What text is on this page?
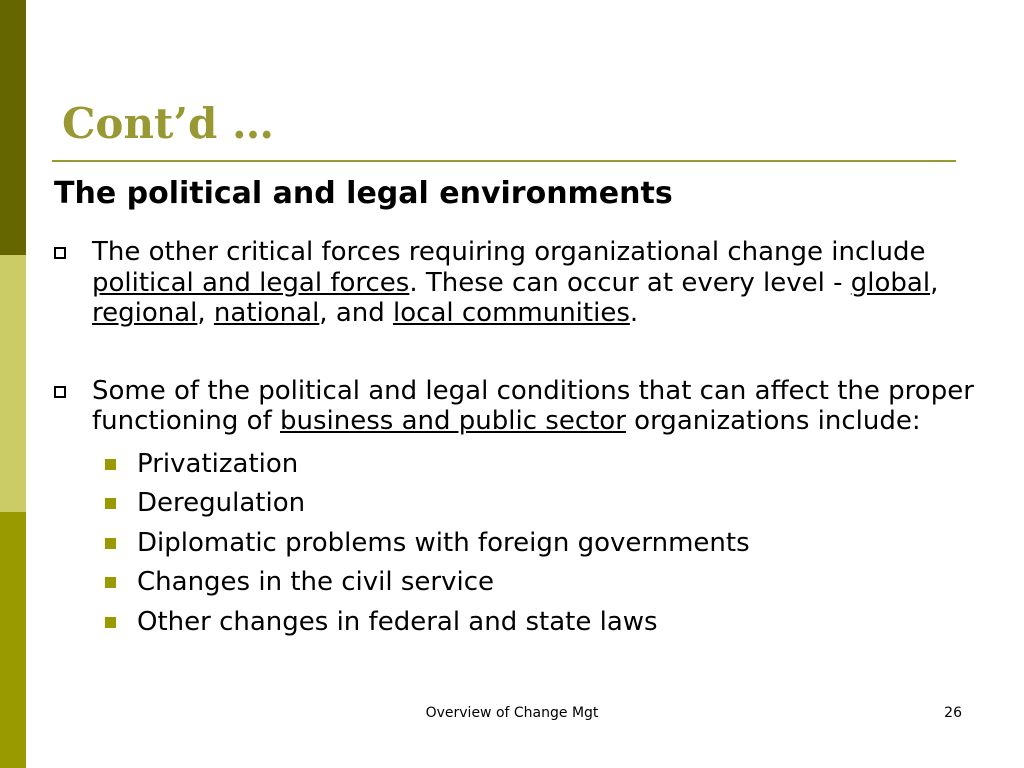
Cont’d …
The political and legal environments
The other critical forces requiring organizational change include political and legal forces. These can occur at every level - global, regional, national, and local communities.
Some of the political and legal conditions that can affect the proper functioning of business and public sector organizations include:
Privatization
Deregulation
Diplomatic problems with foreign governments
Changes in the civil service
Other changes in federal and state laws
Overview of Change Mgt	26
